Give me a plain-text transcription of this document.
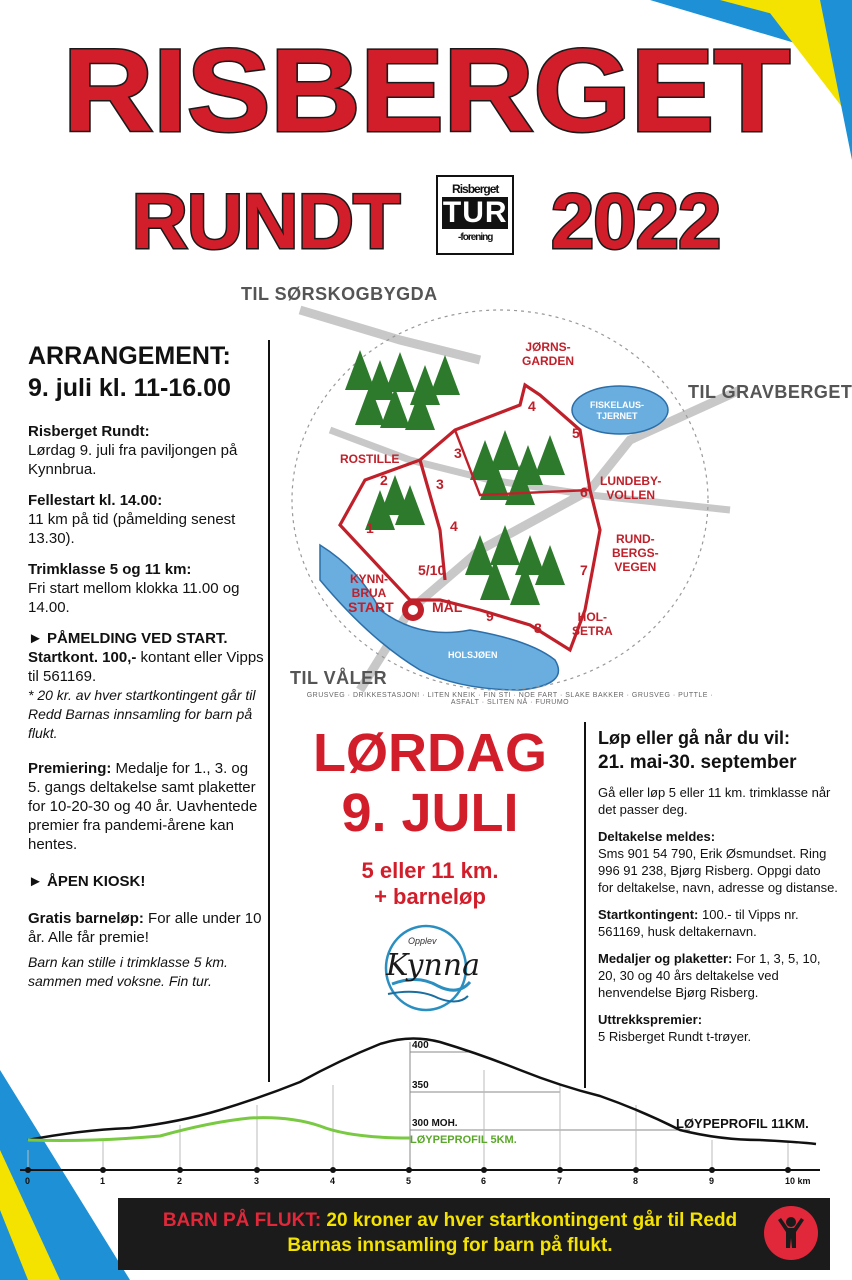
RISBERGET
RUNDT	Risberget
TUR
-forening 2022
TIL SØRSKOGBYGDA
TIL GRAVBERGET
TIL VÅLER
JØRNS-
GARDEN
ROSTILLE
LUNDEBY-
VOLLEN
RUND-
BERGS-
VEGEN
KYNN-
BRUA
HOL-
SETRA
START	MÅL
FISKELAUS-
TJERNET
HOLSJØEN
1
2
3
3
4
4
5
5/10
6
7
8
9
GRUSVEG · DRIKKESTASJON! · LITEN KNEIK · FIN STI · NOE FART · SLAKE BAKKER · GRUSVEG · PUTTLE · ASFALT · SLITEN NÅ · FURUMO
ARRANGEMENT:
9. juli kl. 11-16.00
Risberget Rundt:
Lørdag 9. juli fra paviljongen på Kynnbrua.
Fellestart kl. 14.00:
11 km på tid (påmelding senest 13.30).
Trimklasse 5 og 11 km:
Fri start mellom klokka 11.00 og 14.00.
► PÅMELDING VED START.
Startkont. 100,- kontant eller Vipps til 561169.
* 20 kr. av hver startkontingent går til Redd Barnas innsamling for barn på flukt.
Premiering: Medalje for 1., 3. og 5. gangs deltakelse samt plaketter for 10-20-30 og 40 år. Uavhentede premier fra pandemi-årene kan hentes.
► ÅPEN KIOSK!
Gratis barneløp: For alle under 10 år. Alle får premie!
Barn kan stille i trimklasse 5 km. sammen med voksne. Fin tur.
LØRDAG
9. JULI
5 eller 11 km.
+ barneløp
Opplev
Kynna
Løp eller gå når du vil:
21. mai-30. september
Gå eller løp 5 eller 11 km. trimklasse når det passer deg.
Deltakelse meldes:
Sms 901 54 790, Erik Øsmundset. Ring 996 91 238, Bjørg Risberg. Oppgi dato for deltakelse, navn, adresse og distanse.
Startkontingent: 100.- til Vipps nr. 561169, husk deltakernavn.
Medaljer og plaketter: For 1, 3, 5, 10, 20, 30 og 40 års deltakelse ved henvendelse Bjørg Risberg.
Uttrekkspremier:
5 Risberget Rundt t-trøyer.
400
350
300 MOH.	LØYPEPROFIL 11KM.
LØYPEPROFIL 5KM.
0	1	2	3	4	5	6	7	8	9	10 km
BARN PÅ FLUKT: 20 kroner av hver startkontingent går til Redd Barnas innsamling for barn på flukt.
